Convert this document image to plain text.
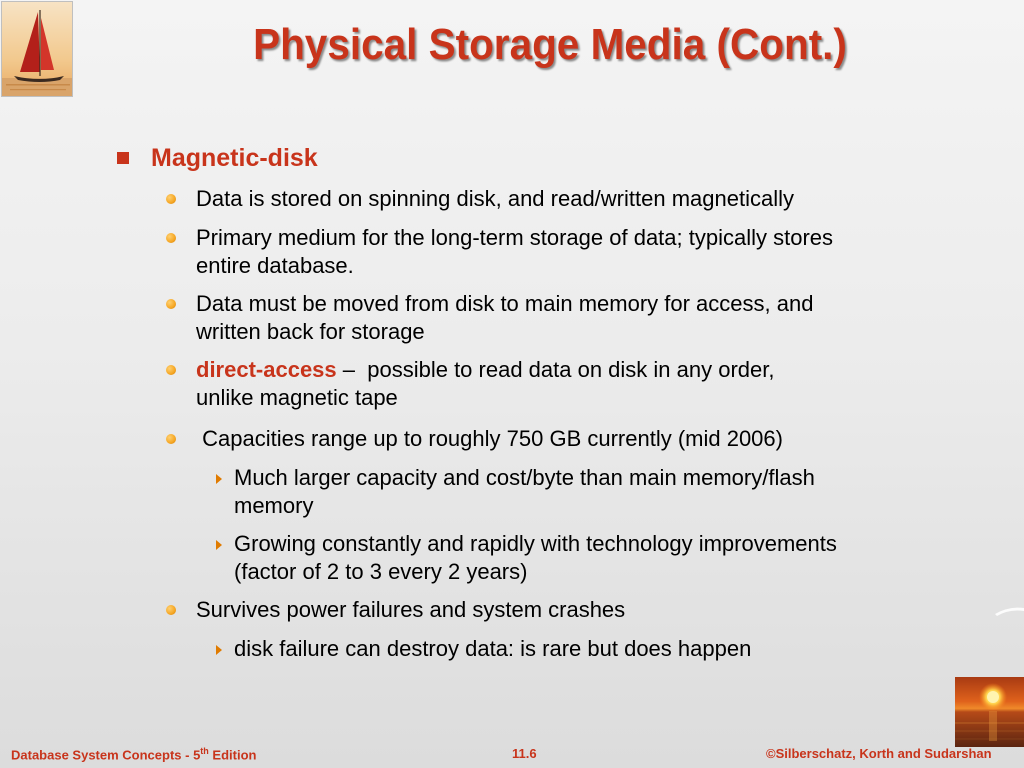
Physical Storage Media (Cont.)
Magnetic-disk
Data is stored on spinning disk, and read/written magnetically
Primary medium for the long-term storage of data; typically stores
entire database.
Data must be moved from disk to main memory for access, and
written back for storage
direct-access –  possible to read data on disk in any order,
unlike magnetic tape
Capacities range up to roughly 750 GB currently (mid 2006)
Much larger capacity and cost/byte than main memory/flash
memory
Growing constantly and rapidly with technology improvements
(factor of 2 to 3 every 2 years)
Survives power failures and system crashes
disk failure can destroy data: is rare but does happen
Database System Concepts - 5th Edition	11.6	©Silberschatz, Korth and Sudarshan
